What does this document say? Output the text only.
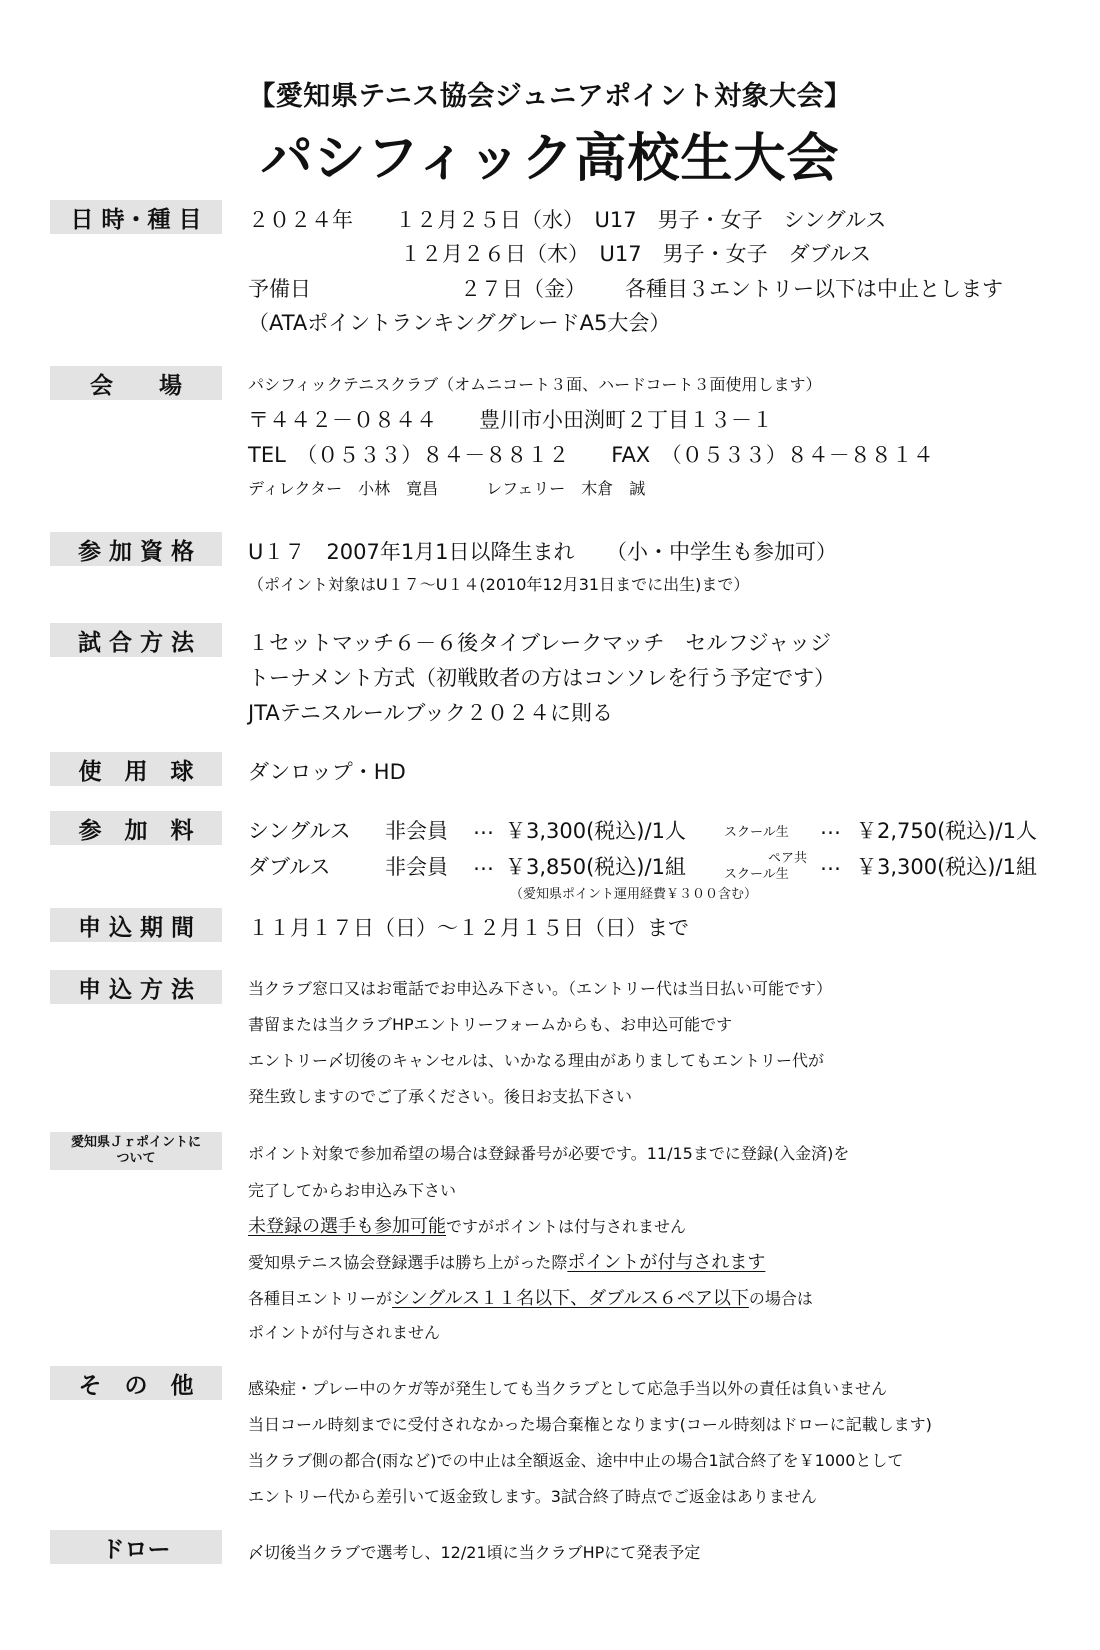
【愛知県テニス協会ジュニアポイント対象大会】
パシフィック高校生大会
日 時・種 目	２０２４年　　１２月２５日（水）　U17　男子・女子　シングルス
１２月２６日（木）　U17　男子・女子　ダブルス
予備日	２７日（金） 各種目３エントリー以下は中止とします
（ATAポイントランキンググレードA5大会）
会　　場	パシフィックテニスクラブ（オムニコート３面、ハードコート３面使用します）
〒４４２－０８４４　　豊川市小田渕町２丁目１３－１
TEL　（０５３３）８４－８８１２　　FAX　（０５３３）８４－８８１４
ディレクター　小林　寛昌　　　レフェリー　木倉　誠
参 加 資 格	U１７　2007年1月1日以降生まれ　　（小・中学生も参加可）
（ポイント対象はU１７～U１４(2010年12月31日までに出生)まで）
試 合 方 法	１セットマッチ６－６後タイブレークマッチ　セルフジャッジ
トーナメント方式（初戦敗者の方はコンソレを行う予定です）
JTAテニスルールブック２０２４に則る
使　用　球	ダンロップ・HD
参　加　料	シングルス 非会員 … ￥3,300(税込)/1人	スクール生 … ￥2,750(税込)/1人
ダブルス	非会員 … ￥3,850(税込)/1組	ペア共
スクール生 … ￥3,300(税込)/1組
（愛知県ポイント運用経費￥３００含む）
申 込 期 間	１１月１７日（日）～１２月１５日（日）まで
申 込 方 法	当クラブ窓口又はお電話でお申込み下さい。（エントリー代は当日払い可能です）
書留または当クラブHPエントリーフォームからも、お申込可能です
エントリー〆切後のキャンセルは、いかなる理由がありましてもエントリー代が
発生致しますのでご了承ください。後日お支払下さい
愛知県Ｊｒポイントに
ついて	ポイント対象で参加希望の場合は登録番号が必要です。11/15までに登録(入金済)を
完了してからお申込み下さい
未登録の選手も参加可能ですがポイントは付与されません
愛知県テニス協会登録選手は勝ち上がった際ポイントが付与されます
各種目エントリーがシングルス１１名以下、ダブルス６ペア以下の場合は
ポイントが付与されません
そ　の　他	感染症・プレー中のケガ等が発生しても当クラブとして応急手当以外の責任は負いません
当日コール時刻までに受付されなかった場合棄権となります(コール時刻はドローに記載します)
当クラブ側の都合(雨など)での中止は全額返金、途中中止の場合1試合終了を￥1000として
エントリー代から差引いて返金致します。3試合終了時点でご返金はありません
ドロー	〆切後当クラブで選考し、12/21頃に当クラブHPにて発表予定
